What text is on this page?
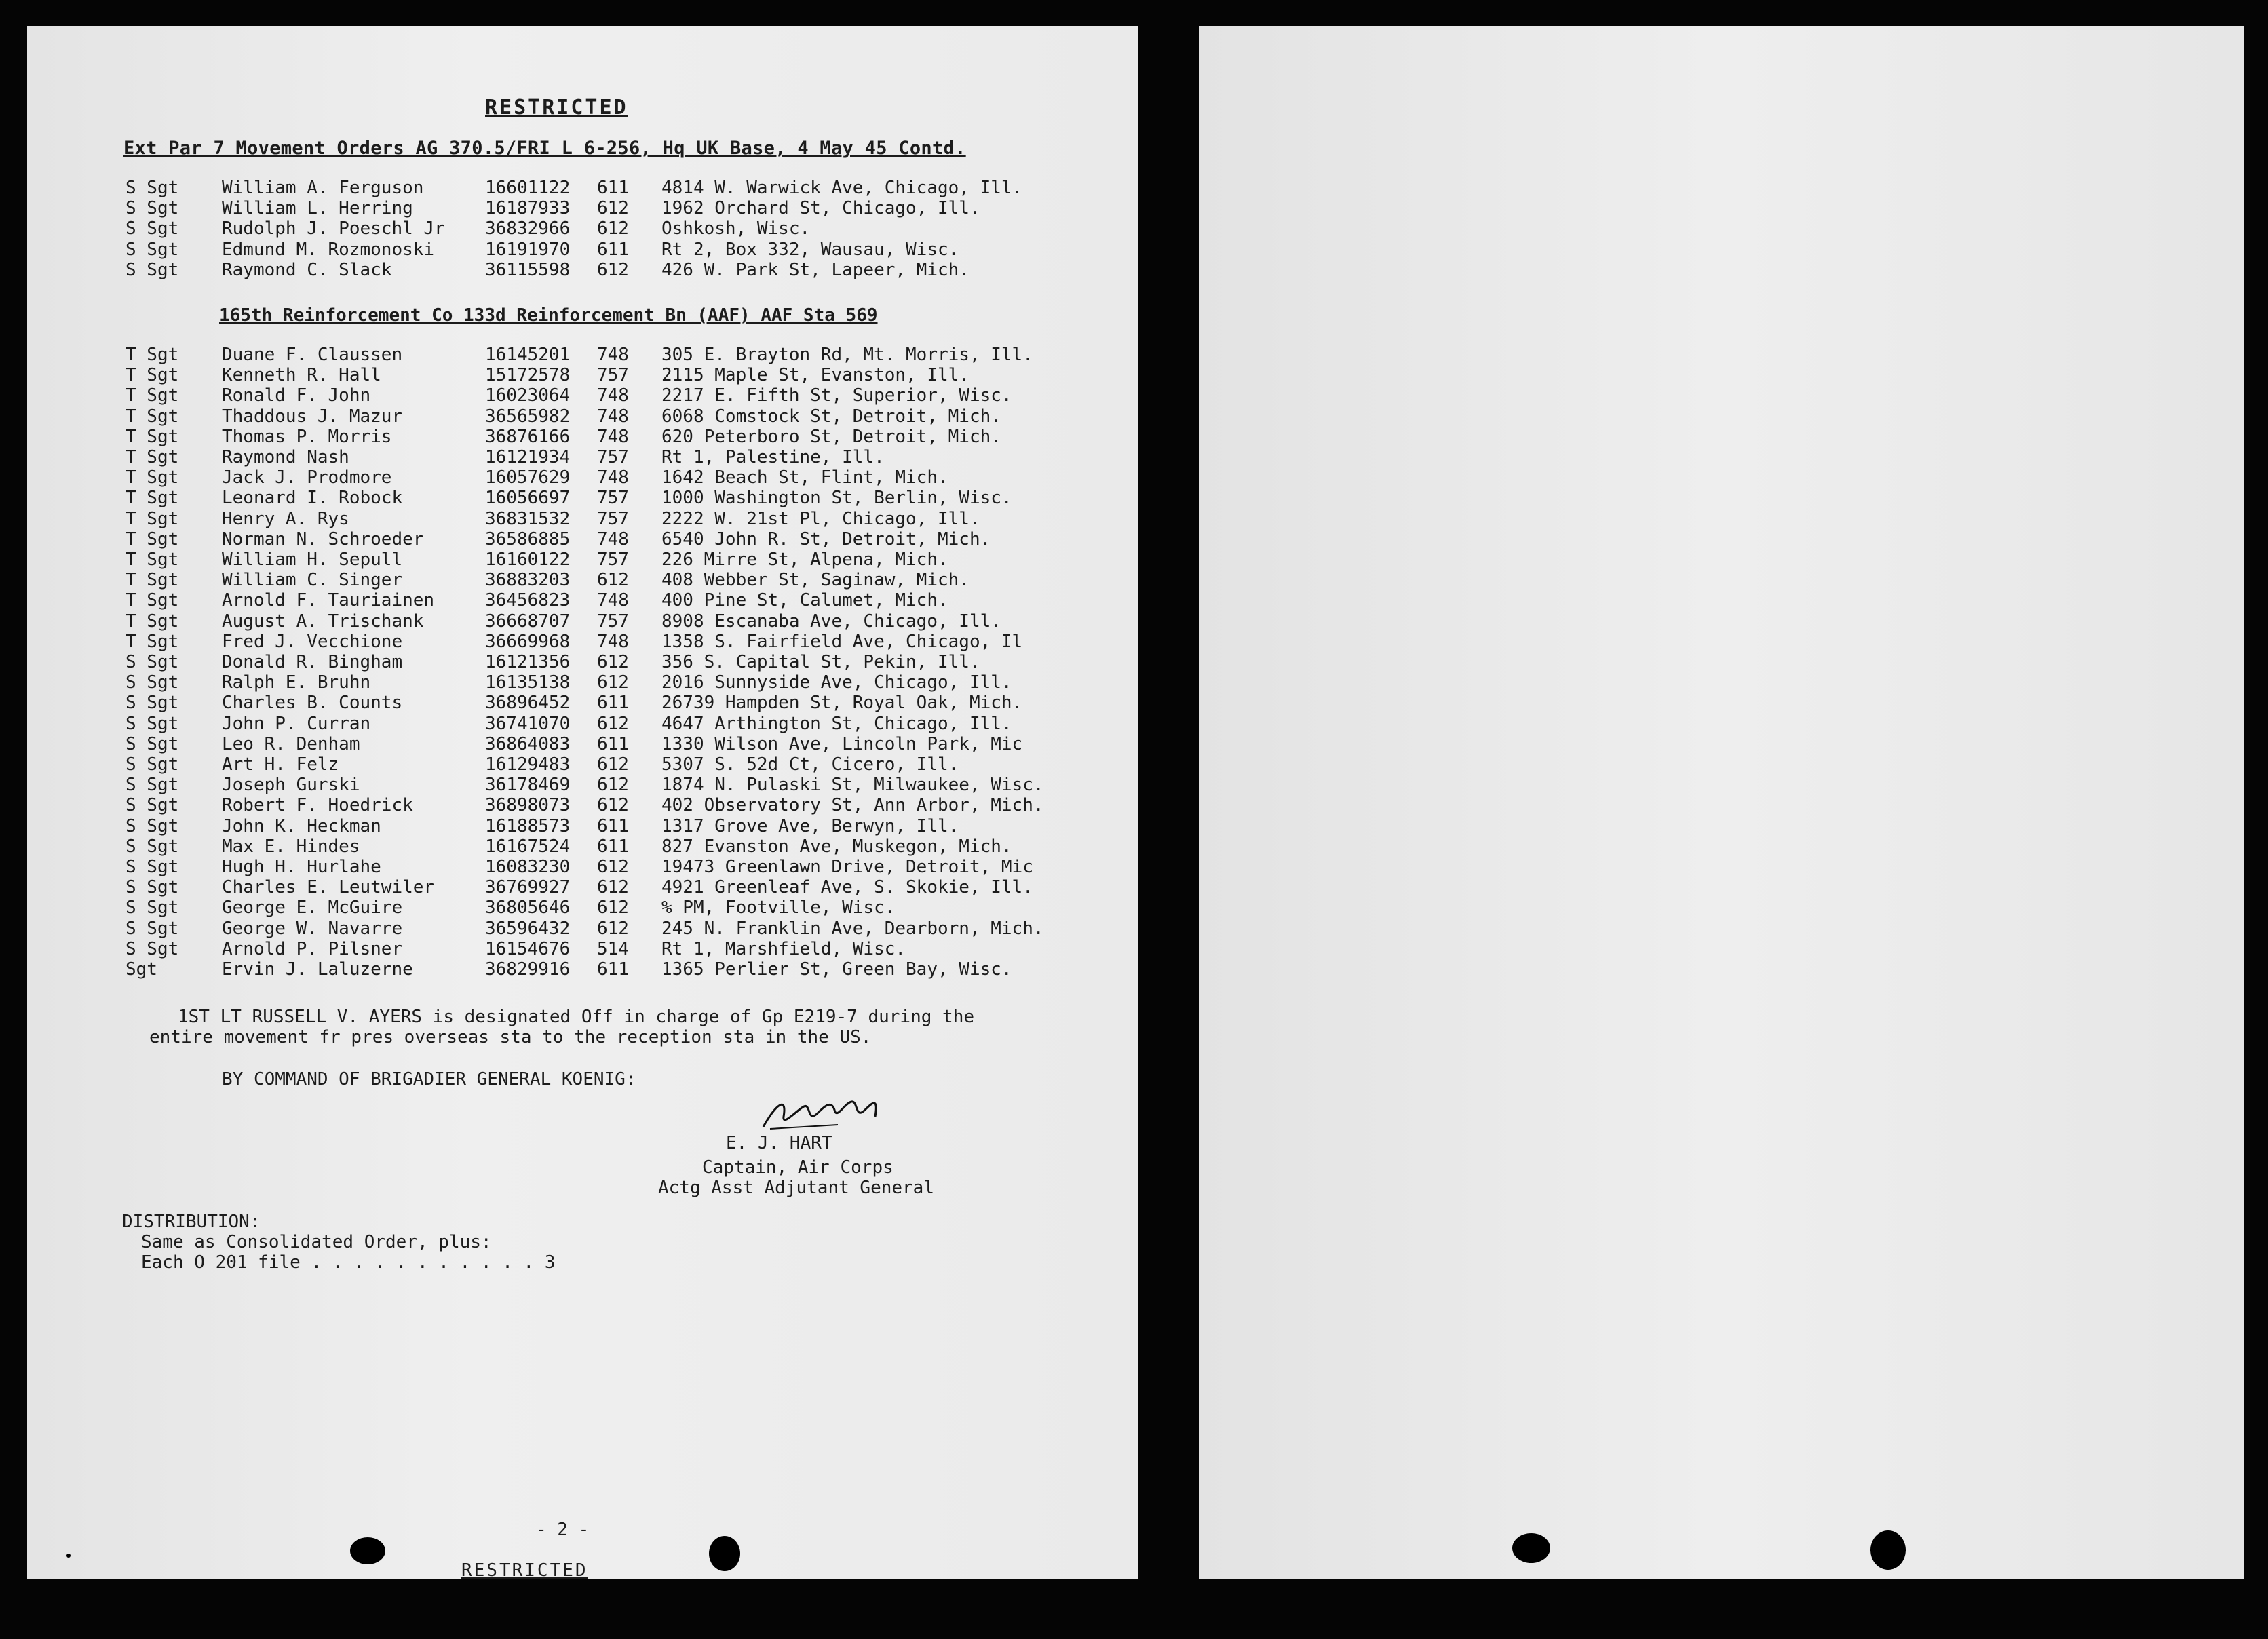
RESTRICTED
Ext Par 7 Movement Orders AG 370.5/FRI L 6-256, Hq UK Base, 4 May 45 Contd.
S Sgt William A. Ferguson	16601122 611 4814 W. Warwick Ave, Chicago, Ill.
S Sgt William L. Herring	16187933 612 1962 Orchard St, Chicago, Ill.
S Sgt Rudolph J. Poeschl Jr 36832966 612 Oshkosh, Wisc.
S Sgt Edmund M. Rozmonoski	16191970 611 Rt 2, Box 332, Wausau, Wisc.
S Sgt Raymond C. Slack	36115598 612 426 W. Park St, Lapeer, Mich.
165th Reinforcement Co 133d Reinforcement Bn (AAF) AAF Sta 569
T Sgt Duane F. Claussen	16145201 748 305 E. Brayton Rd, Mt. Morris, Ill.
T Sgt Kenneth R. Hall	15172578 757 2115 Maple St, Evanston, Ill.
T Sgt Ronald F. John	16023064 748 2217 E. Fifth St, Superior, Wisc.
T Sgt Thaddous J. Mazur	36565982 748 6068 Comstock St, Detroit, Mich.
T Sgt Thomas P. Morris	36876166 748 620 Peterboro St, Detroit, Mich.
T Sgt Raymond Nash	16121934 757 Rt 1, Palestine, Ill.
T Sgt Jack J. Prodmore	16057629 748 1642 Beach St, Flint, Mich.
T Sgt Leonard I. Robock	16056697 757 1000 Washington St, Berlin, Wisc.
T Sgt Henry A. Rys	36831532 757 2222 W. 21st Pl, Chicago, Ill.
T Sgt Norman N. Schroeder	36586885 748 6540 John R. St, Detroit, Mich.
T Sgt William H. Sepull	16160122 757 226 Mirre St, Alpena, Mich.
T Sgt William C. Singer	36883203 612 408 Webber St, Saginaw, Mich.
T Sgt Arnold F. Tauriainen	36456823 748 400 Pine St, Calumet, Mich.
T Sgt August A. Trischank	36668707 757 8908 Escanaba Ave, Chicago, Ill.
T Sgt Fred J. Vecchione	36669968 748 1358 S. Fairfield Ave, Chicago, Il
S Sgt Donald R. Bingham	16121356 612 356 S. Capital St, Pekin, Ill.
S Sgt Ralph E. Bruhn	16135138 612 2016 Sunnyside Ave, Chicago, Ill.
S Sgt Charles B. Counts	36896452 611 26739 Hampden St, Royal Oak, Mich.
S Sgt John P. Curran	36741070 612 4647 Arthington St, Chicago, Ill.
S Sgt Leo R. Denham	36864083 611 1330 Wilson Ave, Lincoln Park, Mic
S Sgt Art H. Felz	16129483 612 5307 S. 52d Ct, Cicero, Ill.
S Sgt Joseph Gurski	36178469 612 1874 N. Pulaski St, Milwaukee, Wisc.
S Sgt Robert F. Hoedrick	36898073 612 402 Observatory St, Ann Arbor, Mich.
S Sgt John K. Heckman	16188573 611 1317 Grove Ave, Berwyn, Ill.
S Sgt Max E. Hindes	16167524 611 827 Evanston Ave, Muskegon, Mich.
S Sgt Hugh H. Hurlahe	16083230 612 19473 Greenlawn Drive, Detroit, Mic
S Sgt Charles E. Leutwiler	36769927 612 4921 Greenleaf Ave, S. Skokie, Ill.
S Sgt George E. McGuire	36805646 612 % PM, Footville, Wisc.
S Sgt George W. Navarre	36596432 612 245 N. Franklin Ave, Dearborn, Mich.
S Sgt Arnold P. Pilsner	16154676 514 Rt 1, Marshfield, Wisc.
Sgt	Ervin J. Laluzerne	36829916 611 1365 Perlier St, Green Bay, Wisc.
1ST LT RUSSELL V. AYERS is designated Off in charge of Gp E219-7 during the
entire movement fr pres overseas sta to the reception sta in the US.
BY COMMAND OF BRIGADIER GENERAL KOENIG:
E. J. HART
Captain, Air Corps
Actg Asst Adjutant General
DISTRIBUTION:
Same as Consolidated Order, plus:
Each O 201 file . . . . . . . . . . . 3
- 2 -
RESTRICTED
